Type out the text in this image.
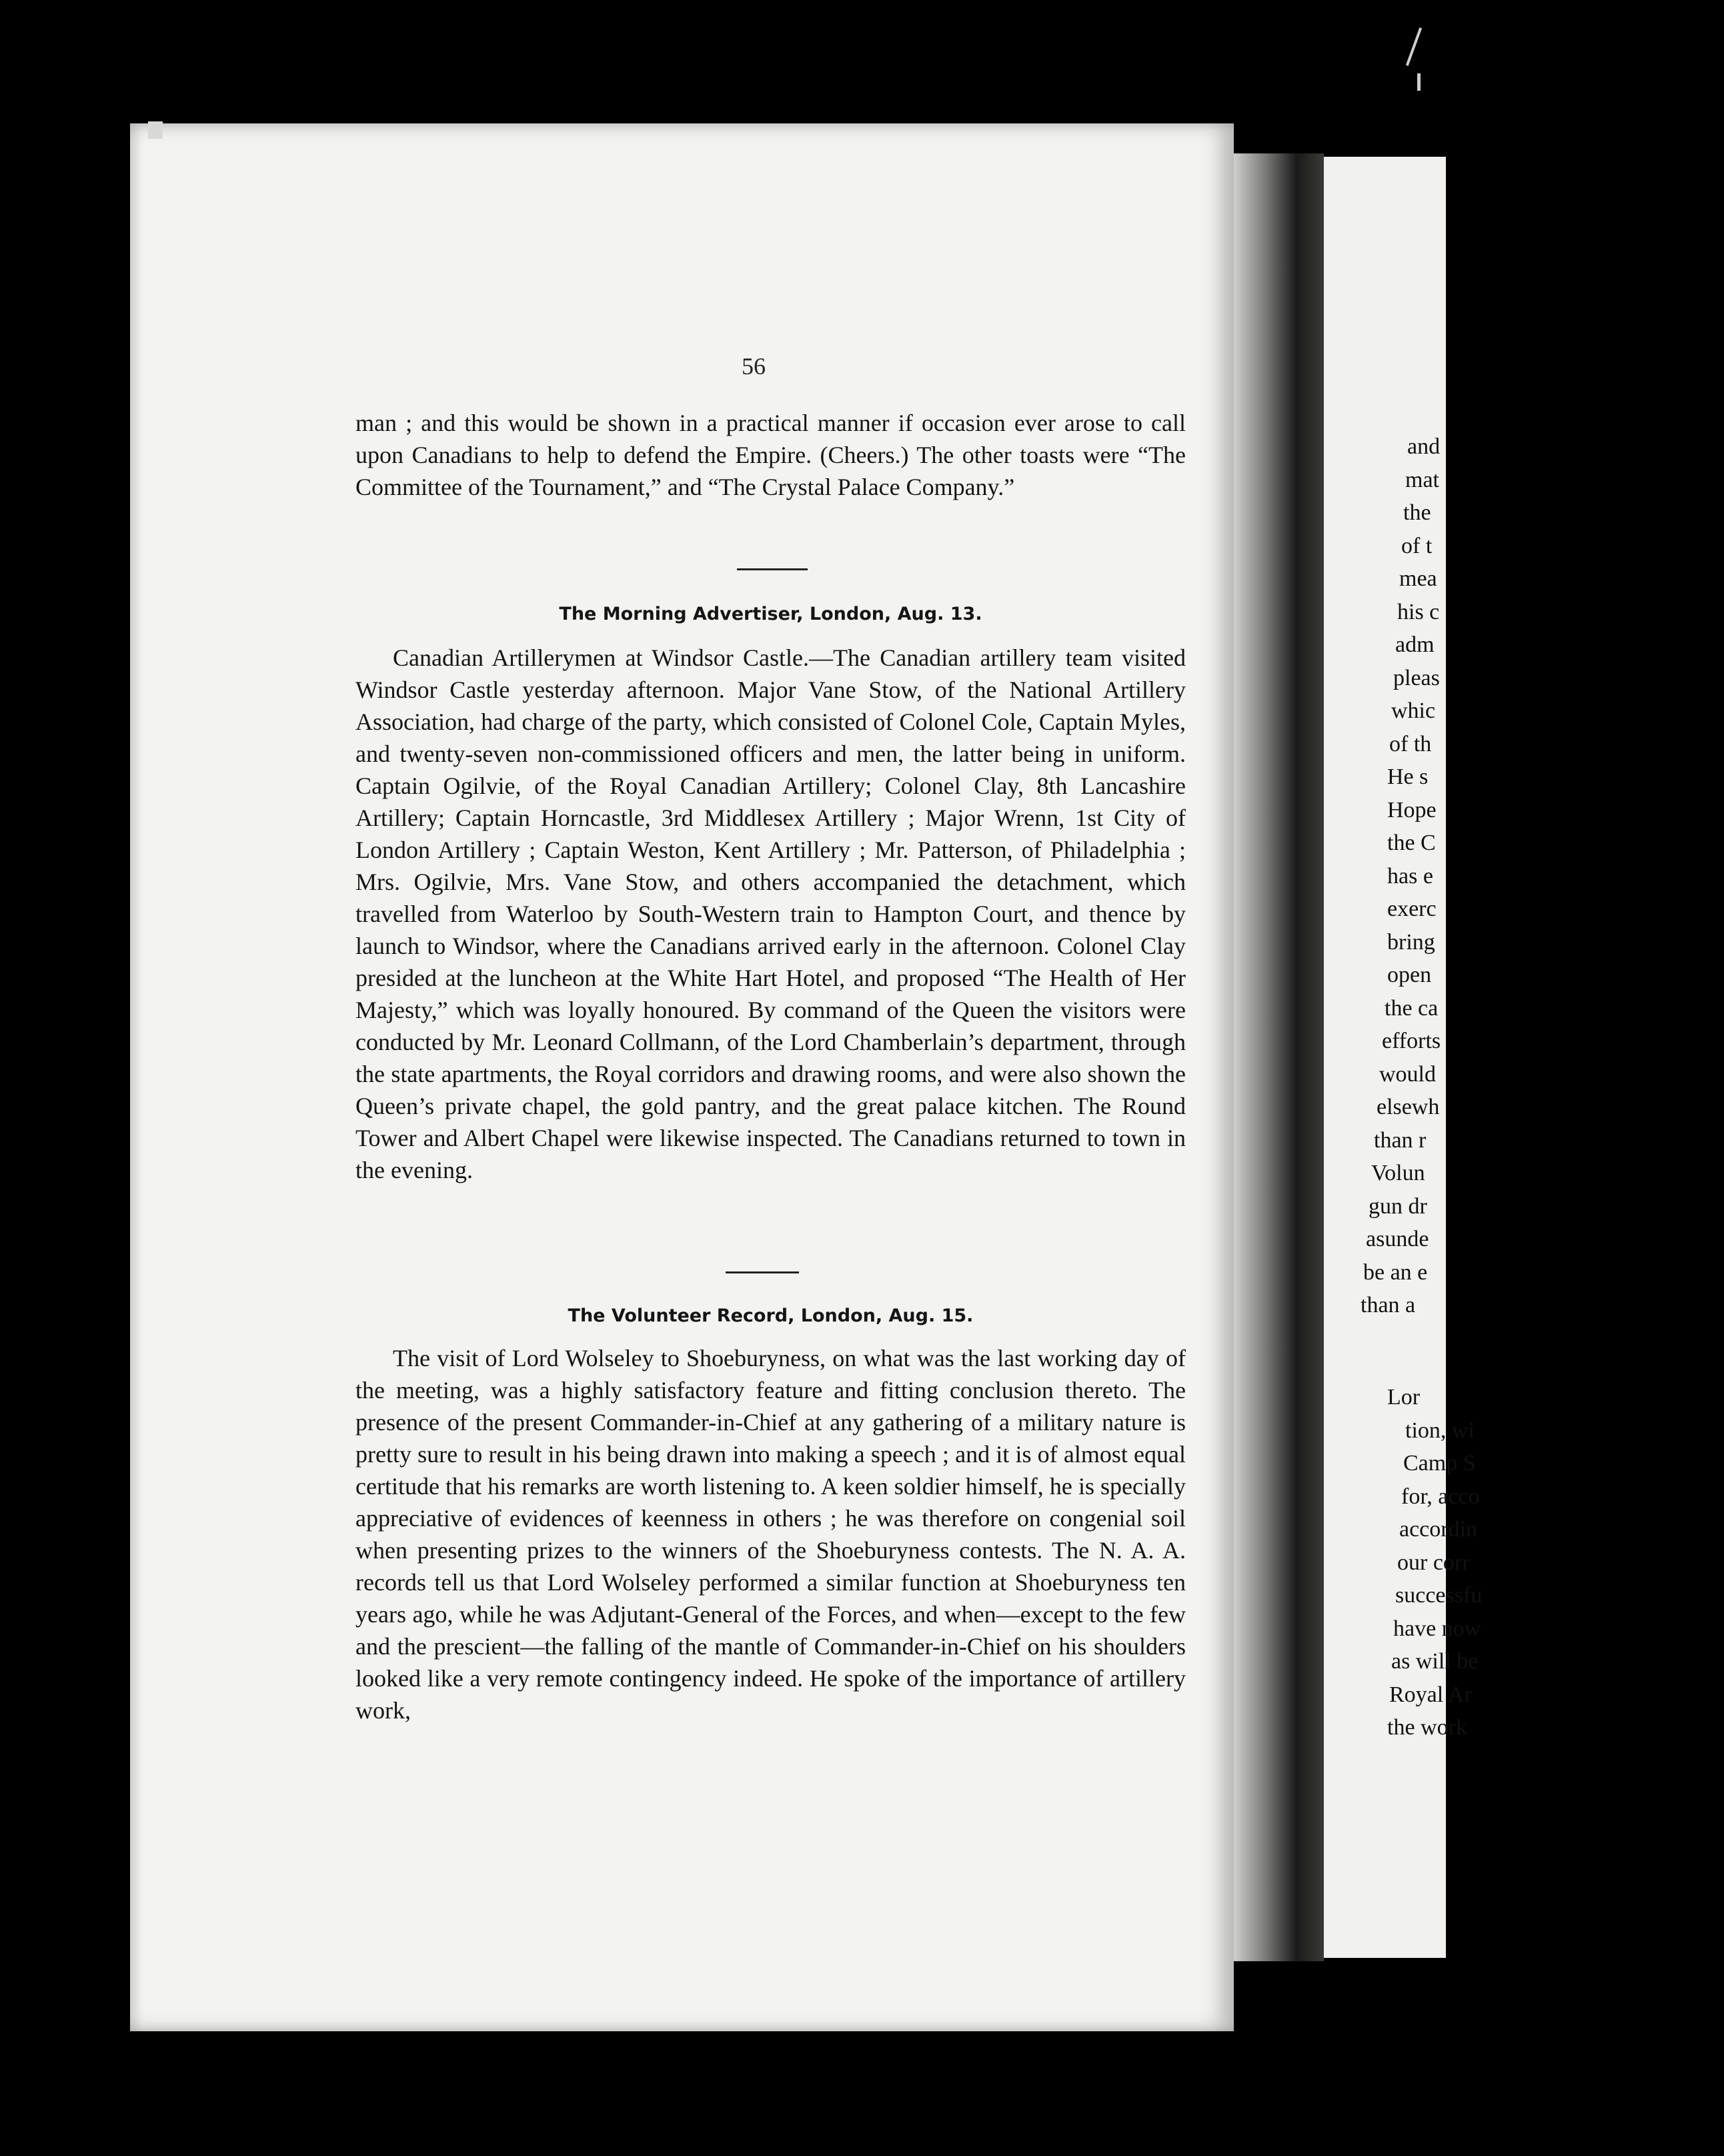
56

man ; and this would be shown in a practical manner if occasion ever arose to call upon Canadians to help to defend the Empire. (Cheers.) The other toasts were “The Committee of the Tournament,” and “The Crystal Palace Company.”

The Morning Advertiser, London, Aug. 13.

Canadian Artillerymen at Windsor Castle.—The Canadian artillery team visited Windsor Castle yesterday afternoon. Major Vane Stow, of the National Artillery Association, had charge of the party, which consisted of Colonel Cole, Captain Myles, and twenty-seven non-commissioned officers and men, the latter being in uniform. Captain Ogilvie, of the Royal Canadian Artillery; Colonel Clay, 8th Lancashire Artillery; Captain Horncastle, 3rd Middlesex Artillery ; Major Wrenn, 1st City of London Artillery ; Captain Weston, Kent Artillery ; Mr. Patterson, of Philadelphia ; Mrs. Ogilvie, Mrs. Vane Stow, and others accompanied the detachment, which travelled from Waterloo by South-Western train to Hampton Court, and thence by launch to Windsor, where the Canadians arrived early in the afternoon. Colonel Clay presided at the luncheon at the White Hart Hotel, and proposed “The Health of Her Majesty,” which was loyally honoured. By command of the Queen the visitors were conducted by Mr. Leonard Collmann, of the Lord Chamberlain’s department, through the state apartments, the Royal corridors and drawing rooms, and were also shown the Queen’s private chapel, the gold pantry, and the great palace kitchen. The Round Tower and Albert Chapel were likewise inspected. The Canadians returned to town in the evening.

The Volunteer Record, London, Aug. 15.

The visit of Lord Wolseley to Shoeburyness, on what was the last working day of the meeting, was a highly satisfactory feature and fitting conclusion thereto. The presence of the present Commander-in-Chief at any gathering of a military nature is pretty sure to result in his being drawn into making a speech ; and it is of almost equal certitude that his remarks are worth listening to. A keen soldier himself, he is specially appreciative of evidences of keenness in others ; he was therefore on congenial soil when presenting prizes to the winners of the Shoeburyness contests. The N. A. A. records tell us that Lord Wolseley performed a similar function at Shoeburyness ten years ago, while he was Adjutant-General of the Forces, and when—except to the few and the prescient—the falling of the mantle of Commander-in-Chief on his shoulders looked like a very remote contingency indeed. He spoke of the importance of artillery work,

and
mat
the
of t
mea
his c
adm
pleas
whic
of th
He s
Hope
the C
has e
exerc
bring
open
the ca
efforts
would
elsewh
than r
Volun
gun dr
asunde
be an e
than a
Lor
tion, wi
Camp S
for, acco
accordin
our corr
successfu
have now
as will be
Royal Ar
the work
